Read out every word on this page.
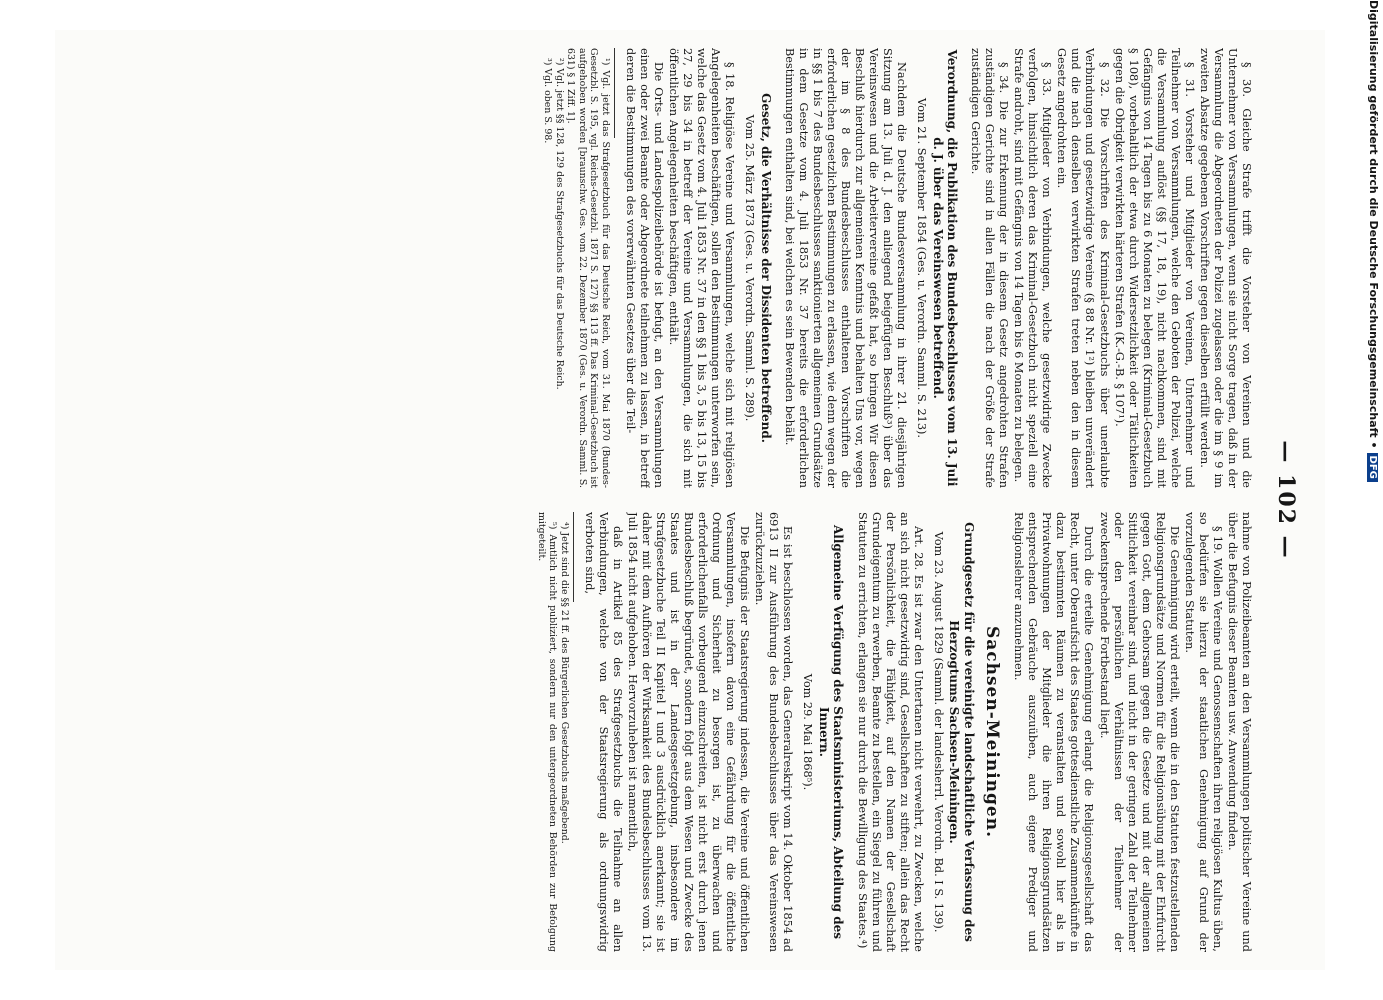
— 102 —

§ 30. Gleiche Strafe trifft die Vorsteher von Vereinen und die Unternehmer von Versammlungen, wenn sie nicht Sorge tragen, daß in der Versammlung die Abgeordneten der Polizei zugelassen oder die im § 9 im zweiten Absatze gegebenen Vorschriften gegen dieselben erfüllt werden.

§ 31. Vorsteher und Mitglieder von Vereinen, Unternehmer und Teilnehmer von Versammlungen, welche den Geboten der Polizei, welche die Versammlung auflöst (§§ 17, 18, 19), nicht nachkommen, sind mit Gefängnis von 14 Tagen bis zu 6 Monaten zu belegen (Kriminal-Gesetzbuch § 108), vorbehaltlich der etwa durch Widersetzlichkeit oder Tätlichkeiten gegen die Obrigkeit verwirkten härteren Strafen (K.-G.-B. § 107¹).

§ 32. Die Vorschriften des Kriminal-Gesetzbuchs über unerlaubte Verbindungen und gesetzwidrige Vereine (§ 88 Nr. 1²) bleiben unverändert und die nach denselben verwirkten Strafen treten neben den in diesem Gesetz angedrohten ein.

§ 33. Mitglieder von Verbindungen, welche gesetzwidrige Zwecke verfolgen, hinsichtlich deren das Kriminal-Gesetzbuch nicht speziell eine Strafe androht, sind mit Gefängnis von 14 Tagen bis 6 Monaten zu belegen.

§ 34. Die zur Erkennung der in diesem Gesetz angedrohten Strafen zuständigen Gerichte sind in allen Fällen die nach der Größe der Strafe zuständigen Gerichte.

Verordnung, die Publikation des Bundesbeschlusses vom 13. Juli d. J. über das Vereinswesen betreffend.
Vom 21. September 1854 (Ges. u. Verordn. Samml. S. 213).

Nachdem die Deutsche Bundesversammlung in ihrer 21. diesjährigen Sitzung am 13. Juli d. J. den anliegend beigefügten Beschluß³) über das Vereinswesen und die Arbeitervereine gefaßt hat, so bringen Wir diesen Beschluß hierdurch zur allgemeinen Kenntnis und behalten Uns vor, wegen der im § 8 des Bundesbeschlusses enthaltenen Vorschriften die erforderlichen gesetzlichen Bestimmungen zu erlassen, wie denn wegen der in §§ 1 bis 7 des Bundesbeschlusses sanktionierten allgemeinen Grundsätze in dem Gesetze vom 4. Juli 1853 Nr. 37 bereits die erforderlichen Bestimmungen enthalten sind, bei welchen es sein Bewenden behält.

Gesetz, die Verhältnisse der Dissidenten betreffend.
Vom 25. März 1873 (Ges. u. Verordn. Samml. S. 289).

§ 18. Religiöse Vereine und Versammlungen, welche sich mit religiösen Angelegenheiten beschäftigen, sollen den Bestimmungen unterworfen sein, welche das Gesetz vom 4. Juli 1853 Nr. 37 in den §§ 1 bis 3, 5 bis 13, 15 bis 27, 29 bis 34 in betreff der Vereine und Versammlungen, die sich mit öffentlichen Angelegenheiten beschäftigen, enthält.

Die Orts- und Landespolizeibehörde ist befugt, an den Versammlungen einen oder zwei Beamte oder Abgeordnete teilnehmen zu lassen, in betreff deren die Bestimmungen des vorerwähnten Gesetzes über die Teil-

¹) Vgl. jetzt das Strafgesetzbuch für das Deutsche Reich, vom 31. Mai 1870 (Bundes-Gesetzbl. S. 195, vgl. Reichs-Gesetzbl. 1871 S. 127) §§ 113 ff. Das Kriminal-Gesetzbuch ist aufgehoben worden [braunschw. Ges. vom 22. Dezember 1870 (Ges. u. Verordn. Samml. S. 631) § 1 Ziff. 1].

²) Vgl. jetzt §§ 128, 129 des Strafgesetzbuchs für das Deutsche Reich.

³) Vgl. oben S. 98.

nahme von Polizeibeamten an den Versammlungen politischer Vereine und über die Befugnis dieser Beamten usw. Anwendung finden.

§ 19. Wollen Vereine und Genossenschaften ihren religiösen Kultus üben, so bedürfen sie hierzu der staatlichen Genehmigung auf Grund der vorzulegenden Statuten.

Die Genehmigung wird erteilt, wenn die in den Statuten festzustellenden Religionsgrundsätze und Normen für die Religionsübung mit der Ehrfurcht gegen Gott, dem Gehorsam gegen die Gesetze und mit der allgemeinen Sittlichkeit vereinbar sind, und nicht in der geringen Zahl der Teilnehmer oder den persönlichen Verhältnissen der Teilnehmer der zweckentsprechende Fortbestand liegt.

Durch die erteilte Genehmigung erlangt die Religionsgesellschaft das Recht, unter Oberaufsicht des Staates gottesdienstliche Zusammenkünfte in dazu bestimmten Räumen zu veranstalten und sowohl hier als in Privatwohnungen der Mitglieder die ihren Religionsgrundsätzen entsprechenden Gebräuche auszuüben, auch eigene Prediger und Religionslehrer anzunehmen.

Sachsen-Meiningen.
Grundgesetz für die vereinigte landschaftliche Verfassung des Herzogtums Sachsen-Meiningen.
Vom 23. August 1829 (Samml. der landesherrl. Verordn. Bd. I S. 139).

Art. 28. Es ist zwar den Untertanen nicht verwehrt, zu Zwecken, welche an sich nicht gesetzwidrig sind, Gesellschaften zu stiften; allein das Recht der Persönlichkeit, die Fähigkeit, auf den Namen der Gesellschaft Grundeigentum zu erwerben, Beamte zu bestellen, ein Siegel zu führen und Statuten zu errichten, erlangen sie nur durch die Bewilligung des Staates.⁴)

Allgemeine Verfügung des Staatsministeriums, Abteilung des Innern.
Vom 29. Mai 1868⁵).

Es ist beschlossen worden, das Generalreskript vom 14. Oktober 1854 ad 6913 II zur Ausführung des Bundesbeschlusses über das Vereinswesen zurückzuziehen.

Die Befugnis der Staatsregierung indessen, die Vereine und öffentlichen Versammlungen, insofern davon eine Gefährdung für die öffentliche Ordnung und Sicherheit zu besorgen ist, zu überwachen und erforderlichenfalls vorbeugend einzuschreiten, ist nicht erst durch jenen Bundesbeschluß begründet, sondern folgt aus dem Wesen und Zwecke des Staates und ist in der Landesgesetzgebung, insbesondere im Strafgesetzbuche Teil II Kapitel I und 3 ausdrücklich anerkannt; sie ist daher mit dem Aufhören der Wirksamkeit des Bundesbeschlusses vom 13. Juli 1854 nicht aufgehoben. Hervorzuheben ist namentlich,

daß in Artikel 85 des Strafgesetzbuchs die Teilnahme an allen Verbindungen, welche von der Staatsregierung als ordnungswidrig verboten sind,

⁴) Jetzt sind die §§ 21 ff. des Bürgerlichen Gesetzbuchs maßgebend.

⁵) Amtlich nicht publiziert, sondern nur den untergeordneten Behörden zur Befolgung mitgeteilt.

Digitalisierung gefördert durch die Deutsche Forschungsgemeinschaft •DFG
